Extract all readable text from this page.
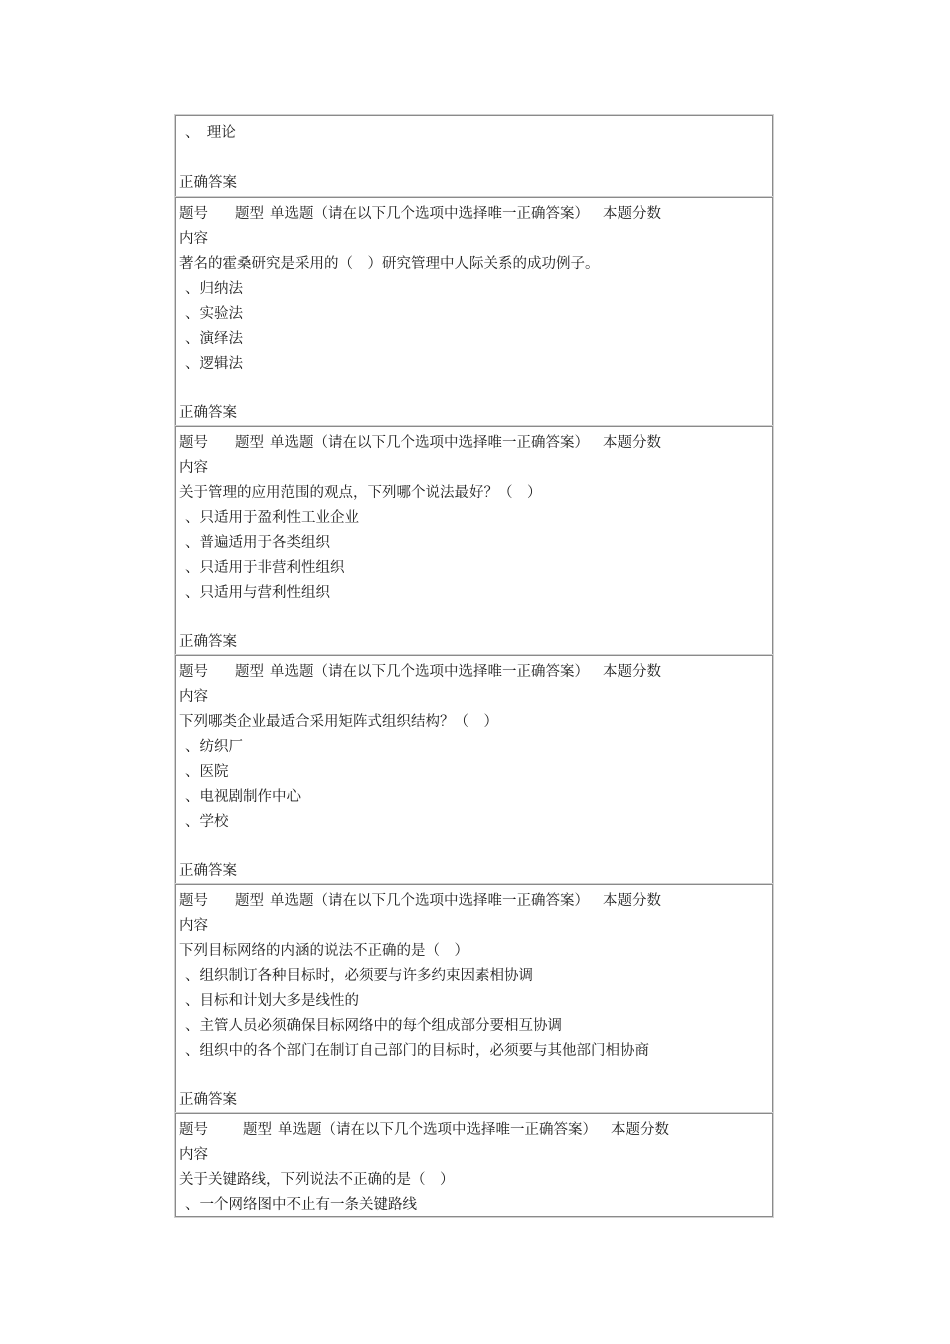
、　理论
正确答案
题号 题型 单选题（请在以下几个选项中选择唯一正确答案） 本题分数
内容
著名的霍桑研究是采用的（　）研究管理中人际关系的成功例子。
、归纳法
、实验法
、演绎法
、逻辑法
正确答案
题号 题型 单选题（请在以下几个选项中选择唯一正确答案） 本题分数
内容
关于管理的应用范围的观点，下列哪个说法最好？（　）
、只适用于盈利性工业企业
、普遍适用于各类组织
、只适用于非营利性组织
、只适用与营利性组织
正确答案
题号 题型 单选题（请在以下几个选项中选择唯一正确答案） 本题分数
内容
下列哪类企业最适合采用矩阵式组织结构？（　）
、纺织厂
、医院
、电视剧制作中心
、学校
正确答案
题号 题型 单选题（请在以下几个选项中选择唯一正确答案） 本题分数
内容
下列目标网络的内涵的说法不正确的是（　）
、组织制订各种目标时，必须要与许多约束因素相协调
、目标和计划大多是线性的
、主管人员必须确保目标网络中的每个组成部分要相互协调
、组织中的各个部门在制订自己部门的目标时，必须要与其他部门相协商
正确答案
题号 题型 单选题（请在以下几个选项中选择唯一正确答案） 本题分数
内容
关于关键路线，下列说法不正确的是（　）
、一个网络图中不止有一条关键路线
